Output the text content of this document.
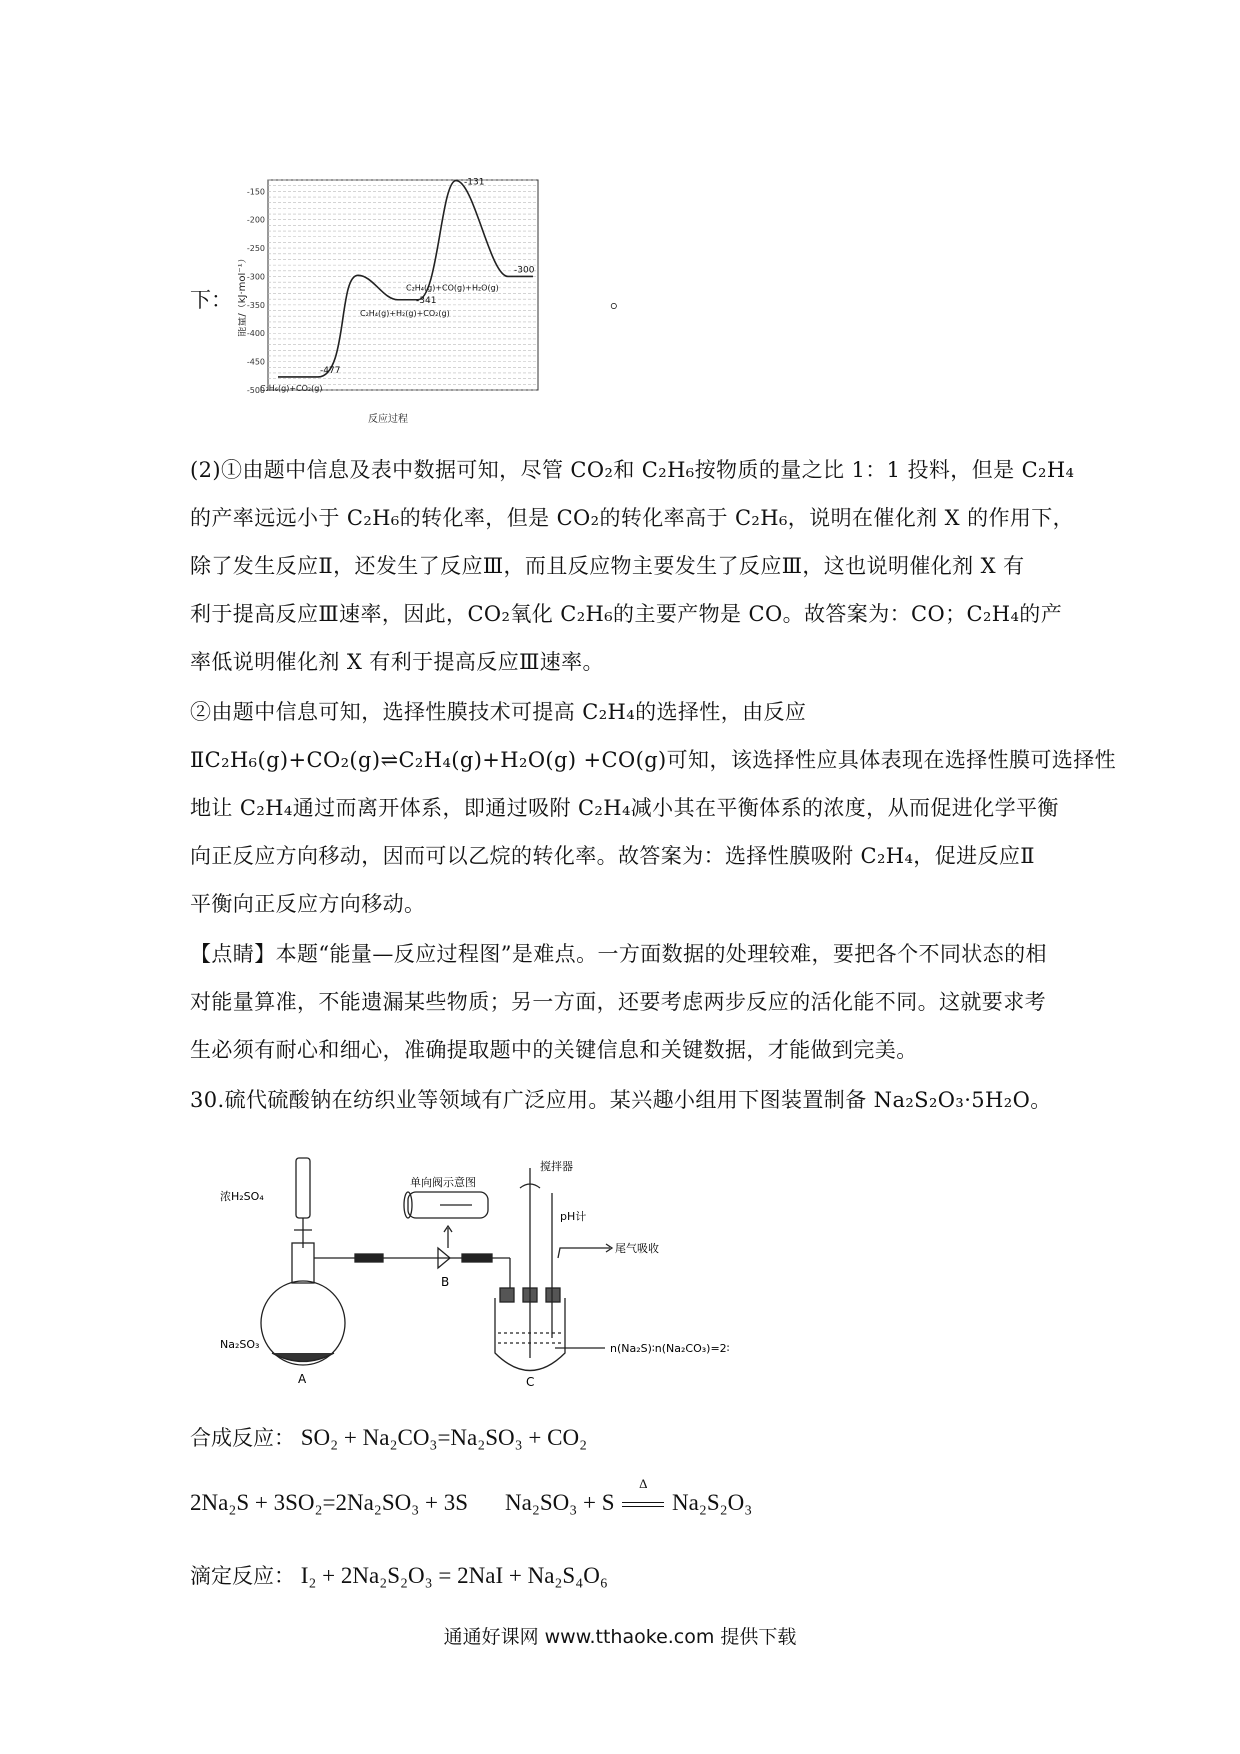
下：
-150
-200
-250
-300
-350
-400
-450
-500
-477
-341
-131
-300
C₂H₆(g)+CO₂(g)
C₂H₄(g)+H₂(g)+CO₂(g)
C₂H₄(g)+CO(g)+H₂O(g)
能量/（kJ·mol⁻¹）
反应过程
。
(2)①由题中信息及表中数据可知，尽管 CO₂和 C₂H₆按物质的量之比 1：1 投料，但是 C₂H₄
的产率远远小于 C₂H₆的转化率，但是 CO₂的转化率高于 C₂H₆，说明在催化剂 X 的作用下，
除了发生反应Ⅱ，还发生了反应Ⅲ，而且反应物主要发生了反应Ⅲ，这也说明催化剂 X 有
利于提高反应Ⅲ速率，因此，CO₂氧化 C₂H₆的主要产物是 CO。故答案为：CO；C₂H₄的产
率低说明催化剂 X 有利于提高反应Ⅲ速率。
②由题中信息可知，选择性膜技术可提高 C₂H₄的选择性，由反应
ⅡC₂H₆(g)+CO₂(g)⇌C₂H₄(g)+H₂O(g) +CO(g)可知，该选择性应具体表现在选择性膜可选择性
地让 C₂H₄通过而离开体系，即通过吸附 C₂H₄减小其在平衡体系的浓度，从而促进化学平衡
向正反应方向移动，因而可以乙烷的转化率。故答案为：选择性膜吸附 C₂H₄，促进反应Ⅱ
平衡向正反应方向移动。
【点睛】本题“能量—反应过程图”是难点。一方面数据的处理较难，要把各个不同状态的相
对能量算准，不能遗漏某些物质；另一方面，还要考虑两步反应的活化能不同。这就要求考
生必须有耐心和细心，准确提取题中的关键信息和关键数据，才能做到完美。
30.硫代硫酸钠在纺织业等领域有广泛应用。某兴趣小组用下图装置制备 Na₂S₂O₃·5H₂O。
浓H₂SO₄
Na₂SO₃
A
B
C
单向阀示意图
搅拌器
pH计
尾气吸收
n(Na₂S)∶n(Na₂CO₃)=2∶1
合成反应： SO₂ + Na₂CO₃=Na₂SO₃ + CO₂
2Na₂S + 3SO₂=2Na₂SO₃ + 3S Na₂SO₃ + S
Δ
Na₂S₂O₃
滴定反应： I₂ + 2Na₂S₂O₃ = 2NaI + Na₂S₄O₆
通通好课网 www.tthaoke.com 提供下载
